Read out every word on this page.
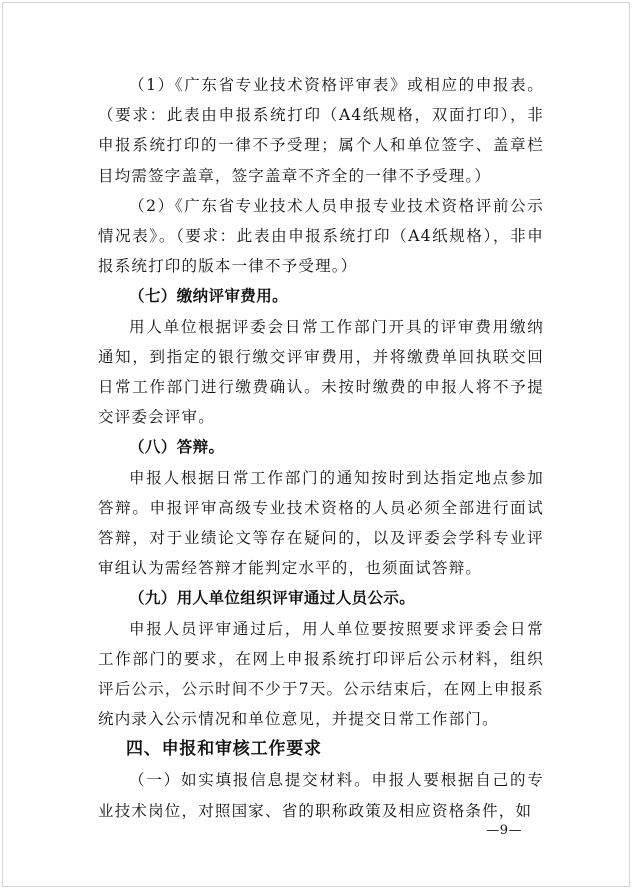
（1）《广东省专业技术资格评审表》或相应的申报表。（要求：此表由申报系统打印（A4纸规格，双面打印），非申报系统打印的一律不予受理；属个人和单位签字、盖章栏目均需签字盖章，签字盖章不齐全的一律不予受理。）

（2）《广东省专业技术人员申报专业技术资格评前公示情况表》。（要求：此表由申报系统打印（A4纸规格），非申报系统打印的版本一律不予受理。）

（七）缴纳评审费用。

用人单位根据评委会日常工作部门开具的评审费用缴纳通知，到指定的银行缴交评审费用，并将缴费单回执联交回日常工作部门进行缴费确认。未按时缴费的申报人将不予提交评委会评审。

（八）答辩。

申报人根据日常工作部门的通知按时到达指定地点参加答辩。申报评审高级专业技术资格的人员必须全部进行面试答辩，对于业绩论文等存在疑问的，以及评委会学科专业评审组认为需经答辩才能判定水平的，也须面试答辩。

（九）用人单位组织评审通过人员公示。

申报人员评审通过后，用人单位要按照要求评委会日常工作部门的要求，在网上申报系统打印评后公示材料，组织评后公示，公示时间不少于7天。公示结束后，在网上申报系统内录入公示情况和单位意见，并提交日常工作部门。

四、申报和审核工作要求

（一）如实填报信息提交材料。申报人要根据自己的专业技术岗位，对照国家、省的职称政策及相应资格条件，如

—9—
